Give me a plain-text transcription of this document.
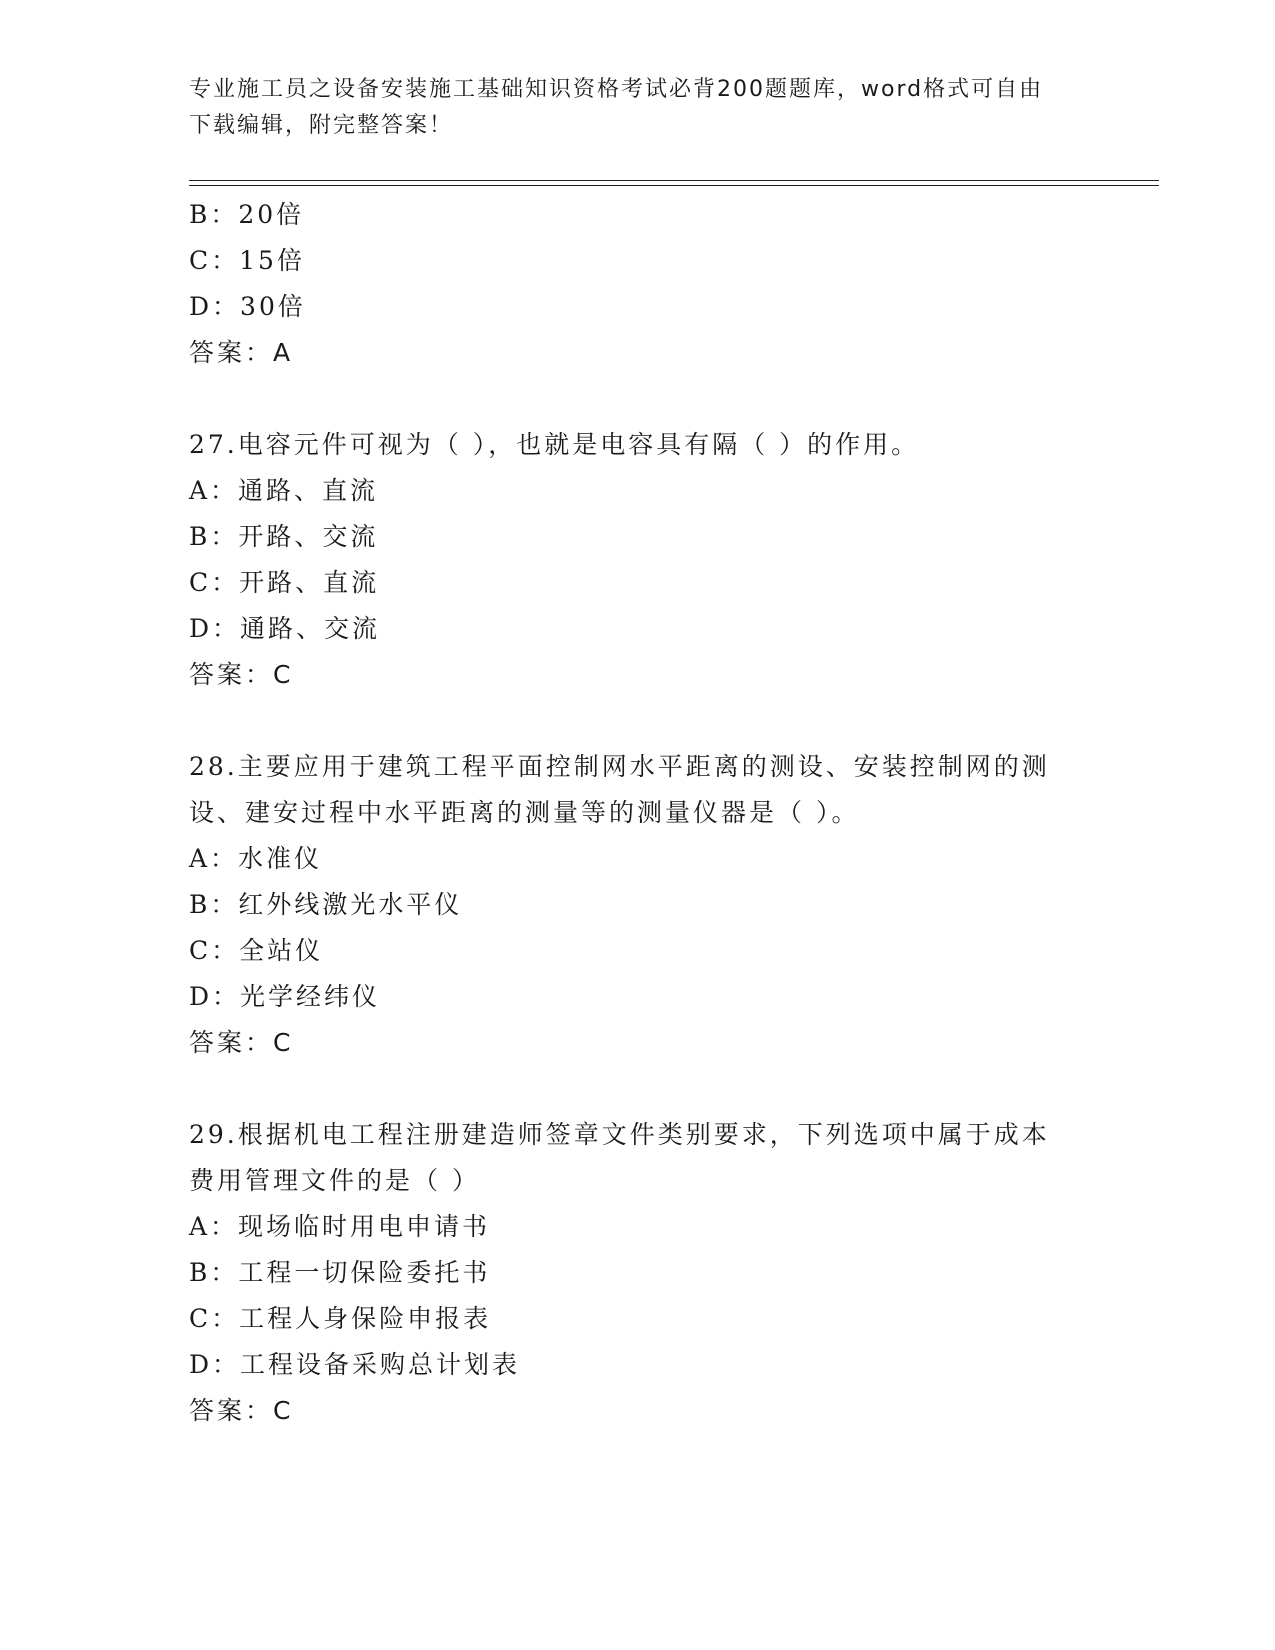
专业施工员之设备安装施工基础知识资格考试必背200题题库，word格式可自由
下载编辑，附完整答案！
B：20倍
C：15倍
D：30倍
答案：A
27.电容元件可视为（ ），也就是电容具有隔（ ）的作用。
A：通路、直流
B：开路、交流
C：开路、直流
D：通路、交流
答案：C
28.主要应用于建筑工程平面控制网水平距离的测设、安装控制网的测
设、建安过程中水平距离的测量等的测量仪器是（ ）。
A：水准仪
B：红外线激光水平仪
C：全站仪
D：光学经纬仪
答案：C
29.根据机电工程注册建造师签章文件类别要求，下列选项中属于成本
费用管理文件的是（ ）
A：现场临时用电申请书
B：工程一切保险委托书
C：工程人身保险申报表
D：工程设备采购总计划表
答案：C
